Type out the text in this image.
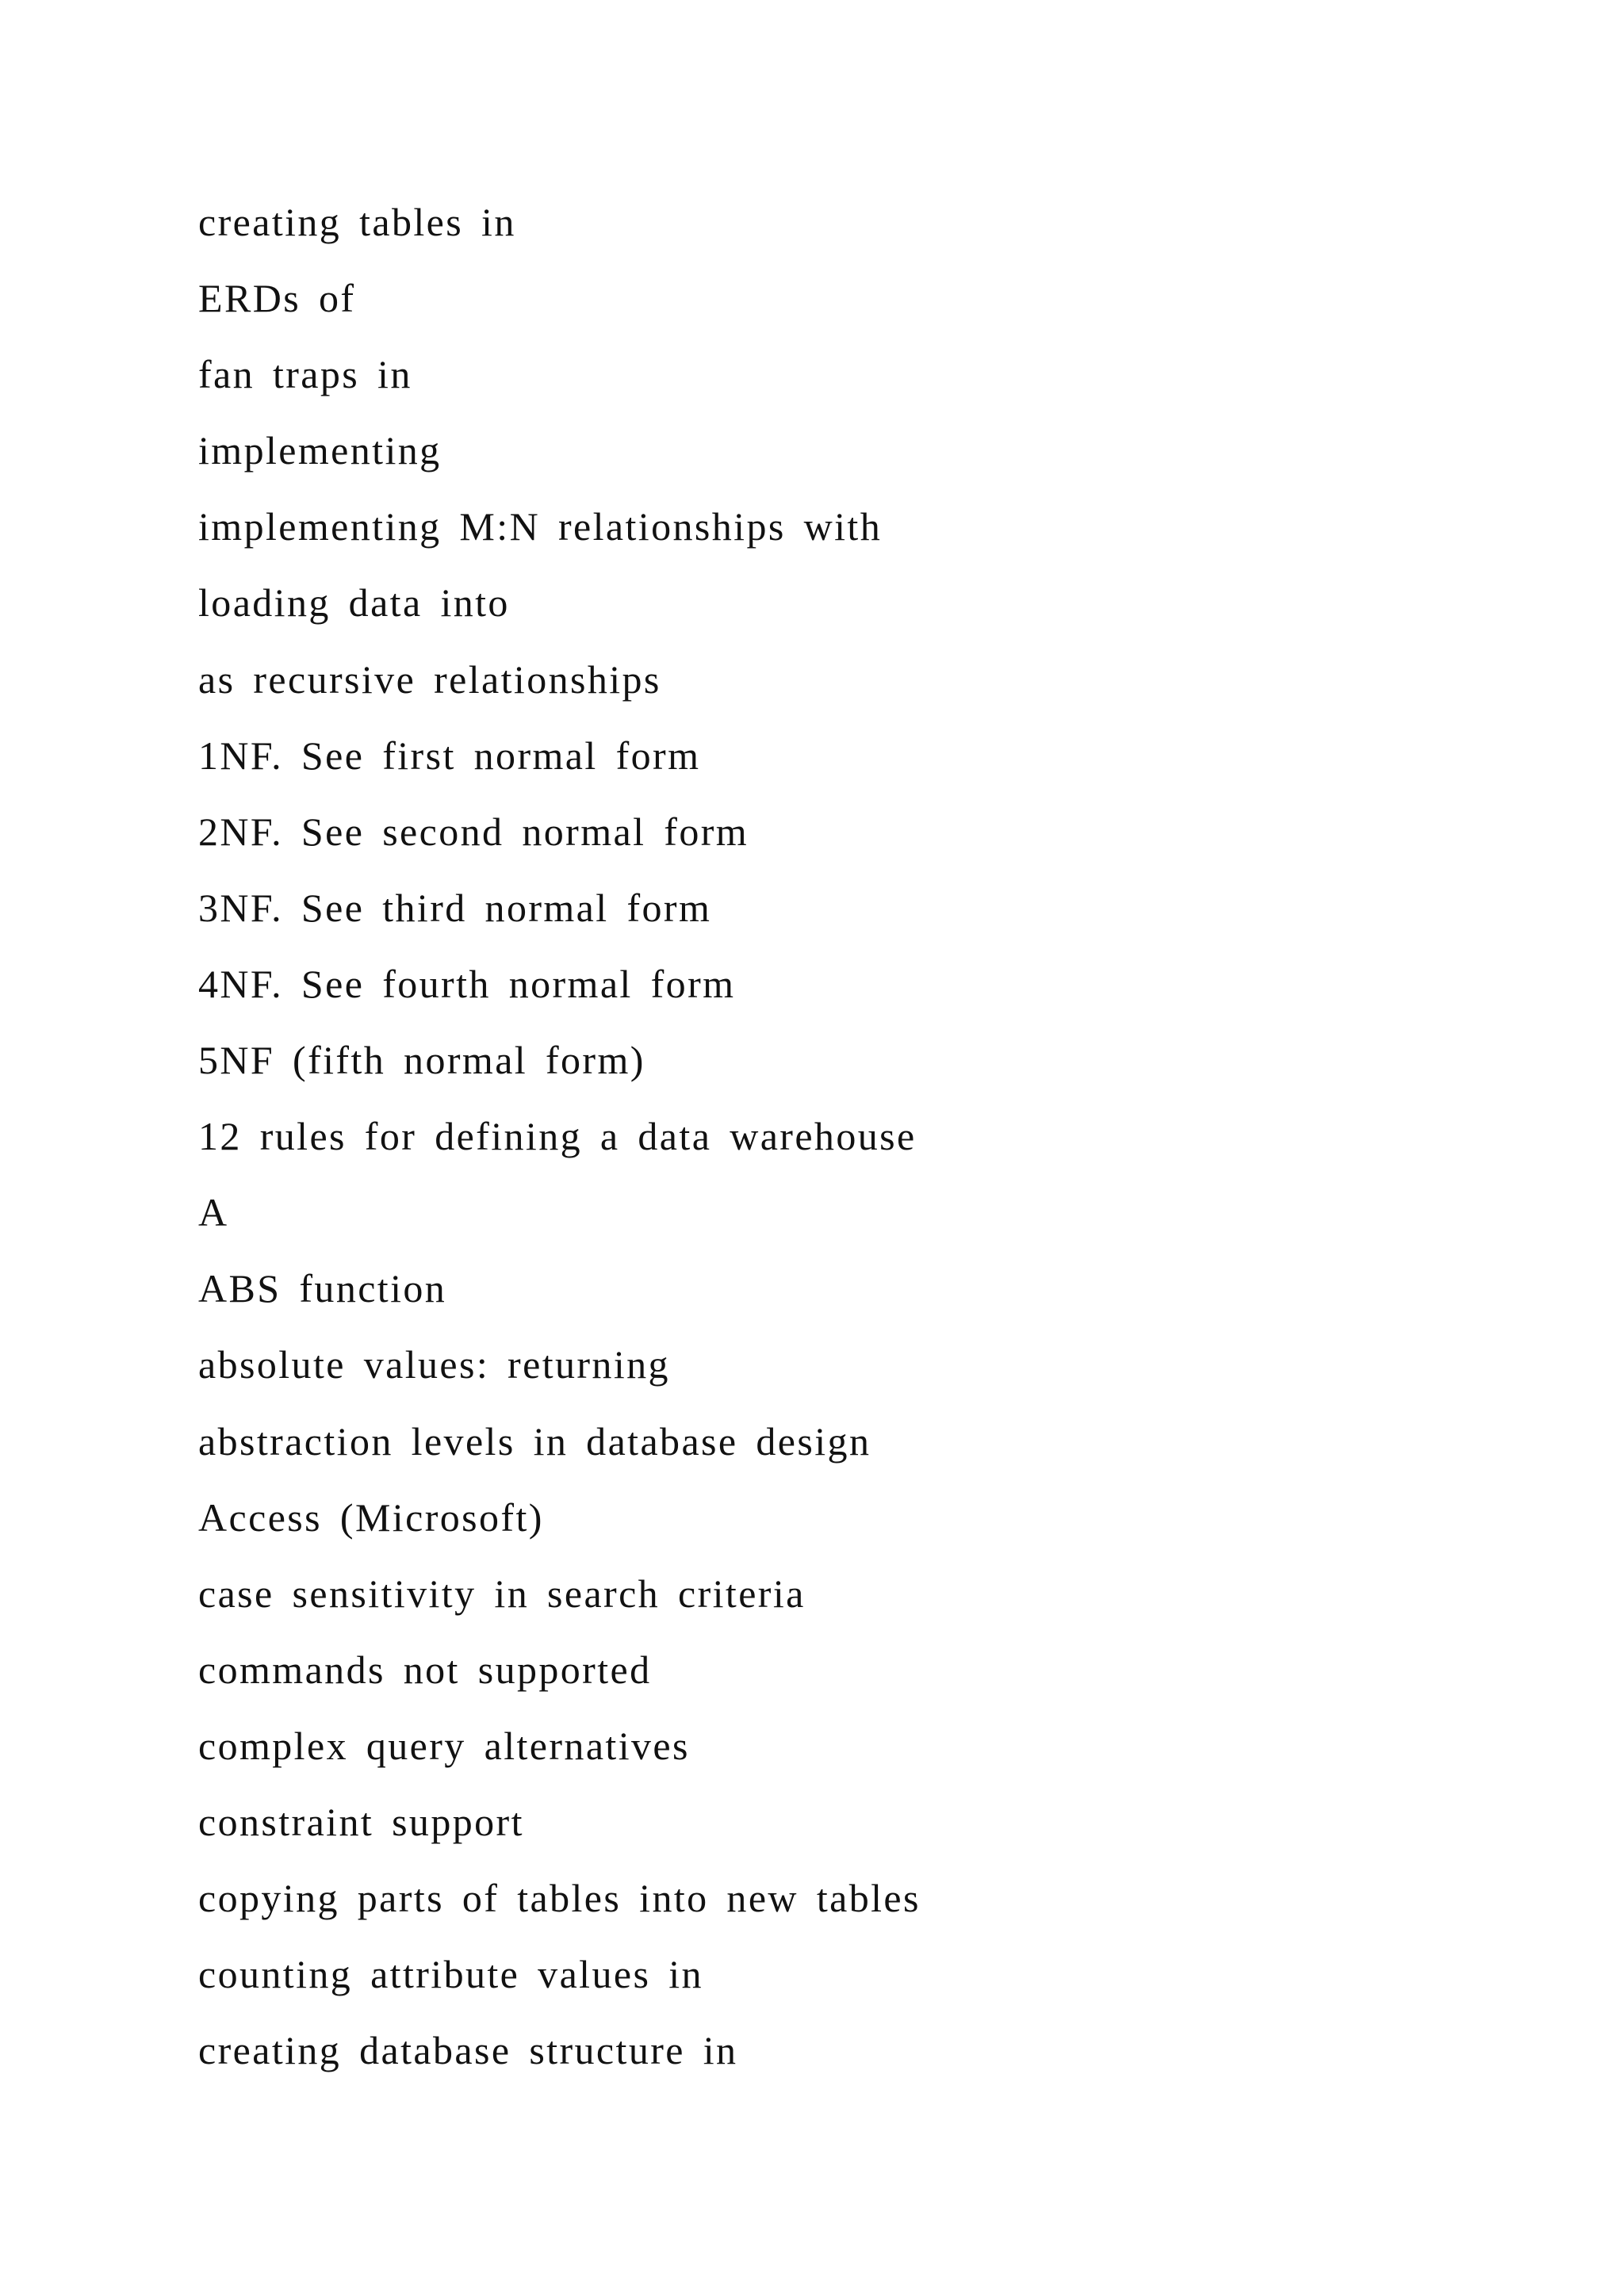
creating tables in
ERDs of
fan traps in
implementing
implementing M:N relationships with
loading data into
as recursive relationships
1NF. See first normal form
2NF. See second normal form
3NF. See third normal form
4NF. See fourth normal form
5NF (fifth normal form)
12 rules for defining a data warehouse
A
ABS function
absolute values: returning
abstraction levels in database design
Access (Microsoft)
case sensitivity in search criteria
commands not supported
complex query alternatives
constraint support
copying parts of tables into new tables
counting attribute values in
creating database structure in
